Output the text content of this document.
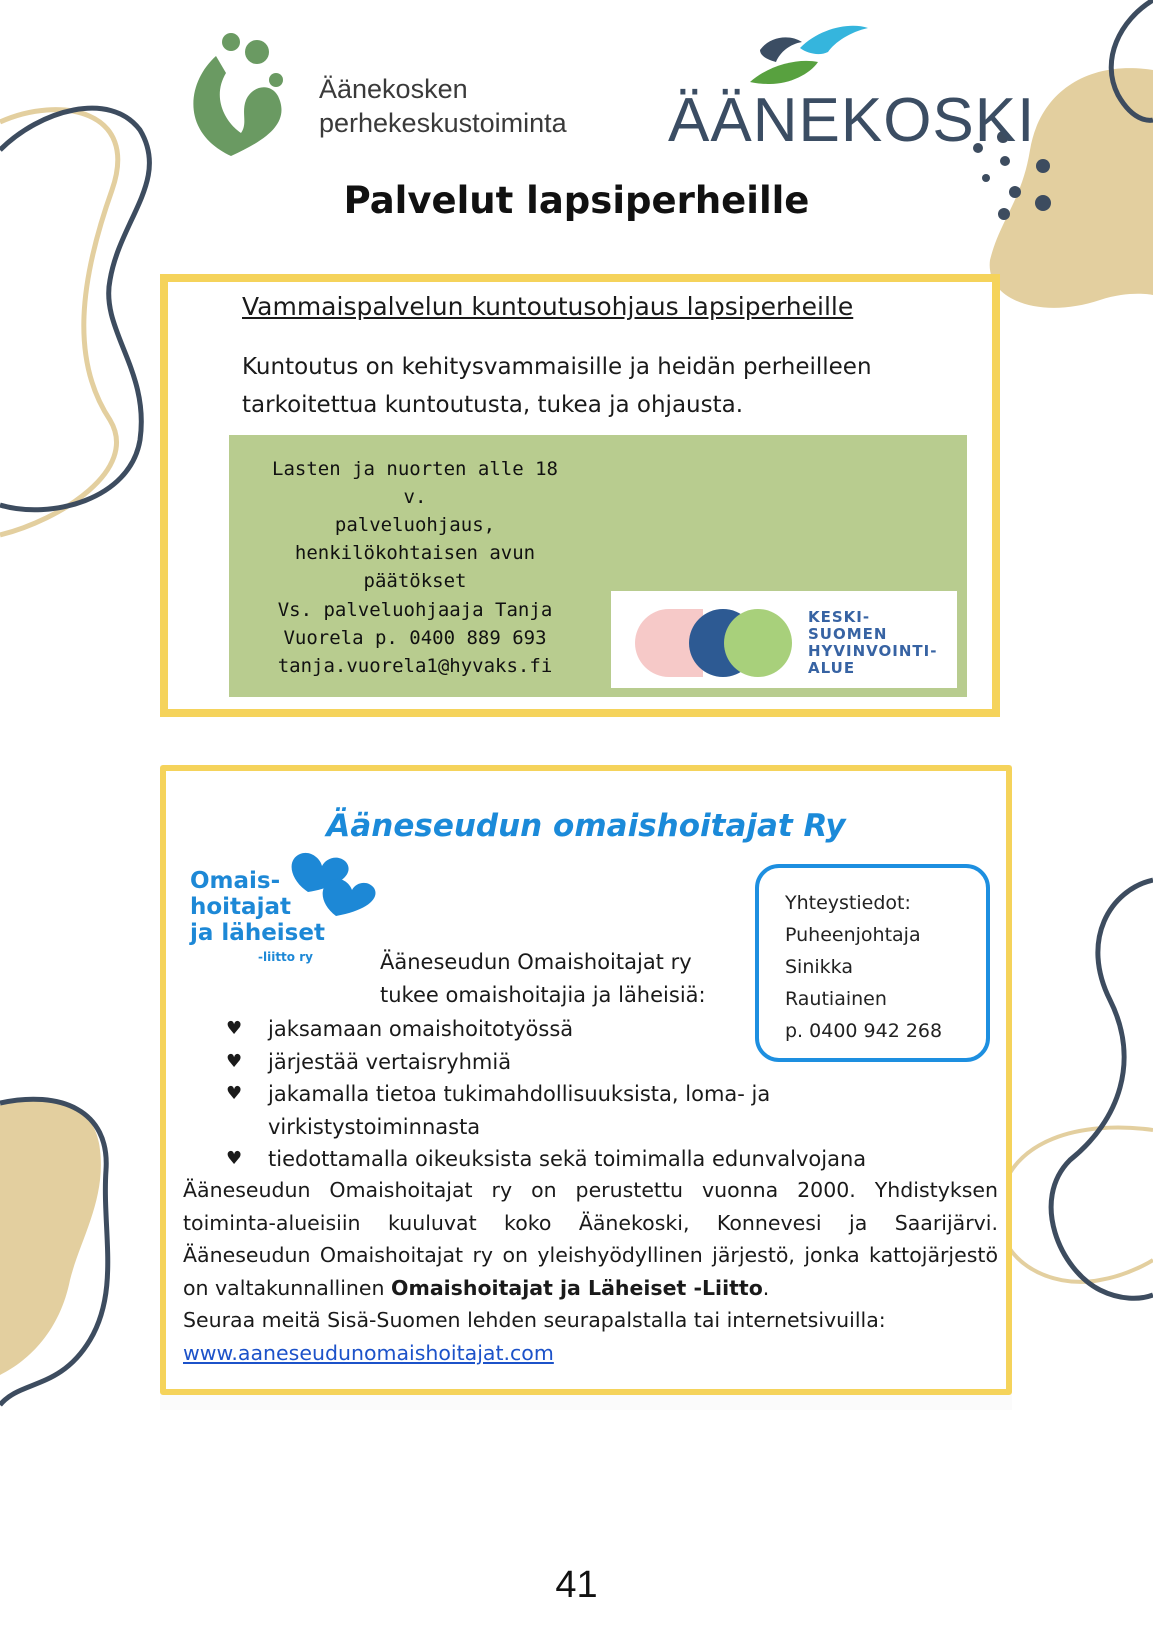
Äänekosken
perhekeskustoiminta ÄÄNEKOSKI
Palvelut lapsiperheille
Vammaispalvelun kuntoutusohjaus lapsiperheille
Kuntoutus on kehitysvammaisille ja heidän perheilleen
tarkoitettua kuntoutusta, tukea ja ohjausta.
Lasten ja nuorten alle 18 v.
palveluohjaus,
henkilökohtaisen avun
päätökset
Vs. palveluohjaaja Tanja
Vuorela p. 0400 889 693
tanja.vuorela1@hyvaks.fi
KESKI-
SUOMEN
HYVINVOINTI-
ALUE
Ääneseudun omaishoitajat Ry
Omais-
hoitajat
ja läheiset
-liitto ry
Yhteystiedot:
Puheenjohtaja
Sinikka
Rautiainen
p. 0400 942 268
Ääneseudun Omaishoitajat ry
tukee omaishoitajia ja läheisiä:
♥ jaksamaan omaishoitotyössä
♥ järjestää vertaisryhmiä
♥ jakamalla tietoa tukimahdollisuuksista, loma- ja virkistystoiminnasta
♥ tiedottamalla oikeuksista sekä toimimalla edunvalvojana
Ääneseudun Omaishoitajat ry on perustettu vuonna 2000. Yhdistyksen toiminta-alueisiin kuuluvat koko Äänekoski, Konnevesi ja Saarijärvi. Ääneseudun Omaishoitajat ry on yleishyödyllinen järjestö, jonka kattojärjestö on valtakunnallinen Omaishoitajat ja Läheiset -Liitto.
Seuraa meitä Sisä-Suomen lehden seurapalstalla tai internetsivuilla:
www.aaneseudunomaishoitajat.com
41
